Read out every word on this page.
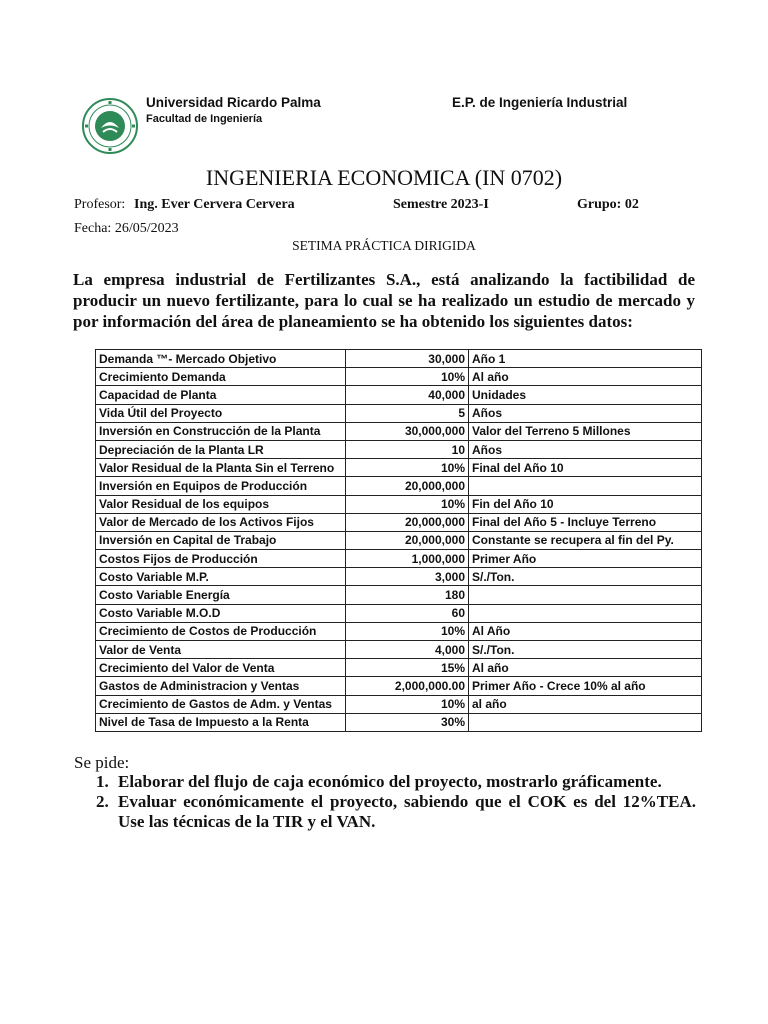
Universidad Ricardo Palma
Facultad de Ingeniería
E.P. de Ingeniería Industrial
INGENIERIA ECONOMICA (IN 0702)
Profesor: Ing. Ever Cervera Cervera	Semestre 2023-I	Grupo: 02
Fecha: 26/05/2023
SETIMA PRÁCTICA DIRIGIDA
La empresa industrial de Fertilizantes S.A., está analizando la factibilidad de producir un nuevo fertilizante, para lo cual se ha realizado un estudio de mercado y por información del área de planeamiento se ha obtenido los siguientes datos:
Demanda ™- Mercado Objetivo	30,000	Año 1
Crecimiento Demanda	10%	Al año
Capacidad de Planta	40,000	Unidades
Vida Útil del Proyecto	5	Años
Inversión en Construcción de la Planta	30,000,000	Valor del Terreno 5 Millones
Depreciación de la Planta LR	10	Años
Valor Residual de la Planta Sin el Terreno	10%	Final del Año 10
Inversión en Equipos de Producción	20,000,000	
Valor Residual de los equipos	10%	Fin del Año 10
Valor de Mercado de los Activos Fijos	20,000,000	Final del Año 5 - Incluye Terreno
Inversión en Capital de Trabajo	20,000,000	Constante se recupera al fin del Py.
Costos Fijos de Producción	1,000,000	Primer Año
Costo Variable M.P.	3,000	S/./Ton.
Costo Variable Energía	180	
Costo Variable M.O.D	60	
Crecimiento de Costos de Producción	10%	Al Año
Valor de Venta	4,000	S/./Ton.
Crecimiento del Valor de Venta	15%	Al año
Gastos de Administracion y Ventas	2,000,000.00	Primer Año - Crece 10% al año
Crecimiento de Gastos de Adm. y Ventas	10%	al año
Nivel de Tasa de Impuesto a la Renta	30%	
Se pide:
1. Elaborar del flujo de caja económico del proyecto, mostrarlo gráficamente.
2. Evaluar económicamente el proyecto, sabiendo que el COK es del 12%TEA. Use las técnicas de la TIR y el VAN.
